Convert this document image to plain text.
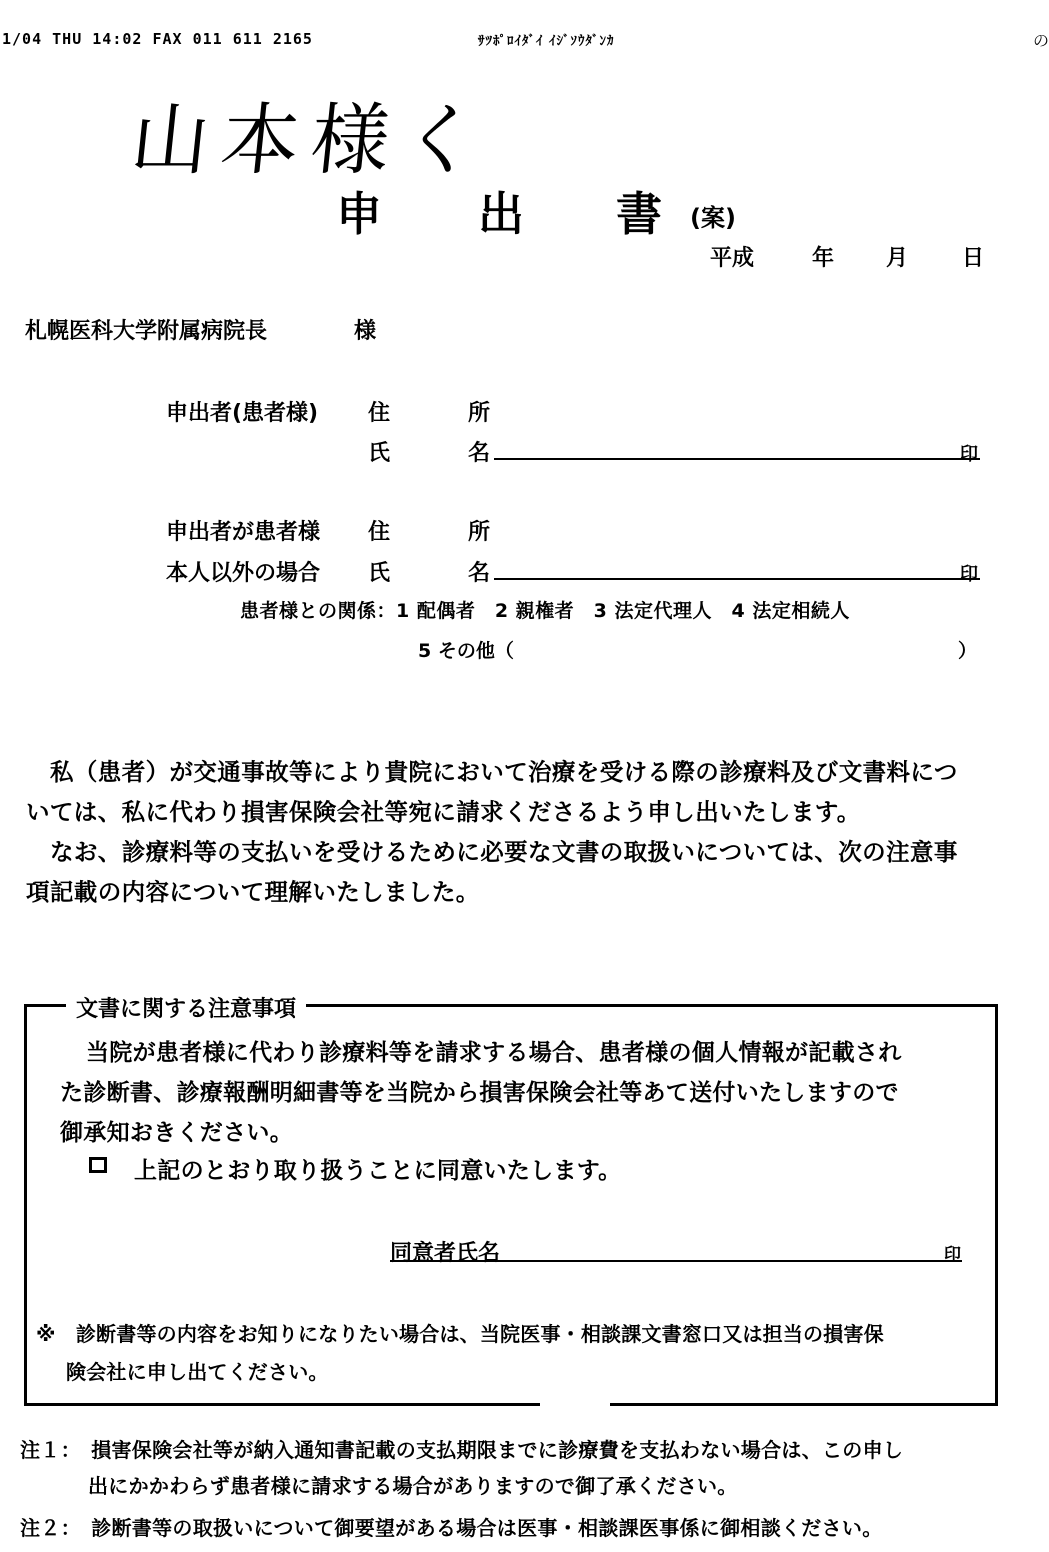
1/04 THU 14:02 FAX 011 611 2165	ｻﾂﾎﾟﾛｲﾀﾞｲ ｲｼﾞｿｳﾀﾞﾝｶ	の
山本様く
申 出 書 (案)
平成	年 月 日
札幌医科大学附属病院長	様
申出者(患者様) 住	所
氏	名	印
申出者が患者様
本人以外の場合
住	所
氏	名	印
患者様との関係：1 配偶者　2 親権者　3 法定代理人　4 法定相続人
5 その他（	）
私（患者）が交通事故等により貴院において治療を受ける際の診療料及び文書料につ
いては、私に代わり損害保険会社等宛に請求くださるよう申し出いたします。
なお、診療料等の支払いを受けるために必要な文書の取扱いについては、次の注意事
項記載の内容について理解いたしました。
文書に関する注意事項
当院が患者様に代わり診療料等を請求する場合、患者様の個人情報が記載され
た診断書、診療報酬明細書等を当院から損害保険会社等あて送付いたしますので
御承知おきください。
上記のとおり取り扱うことに同意いたします。
同意者氏名	印
※　診断書等の内容をお知りになりたい場合は、当院医事・相談課文書窓口又は担当の損害保
険会社に申し出てください。
注１：　損害保険会社等が納入通知書記載の支払期限までに診療費を支払わない場合は、この申し
出にかかわらず患者様に請求する場合がありますので御了承ください。
注２：　診断書等の取扱いについて御要望がある場合は医事・相談課医事係に御相談ください。
